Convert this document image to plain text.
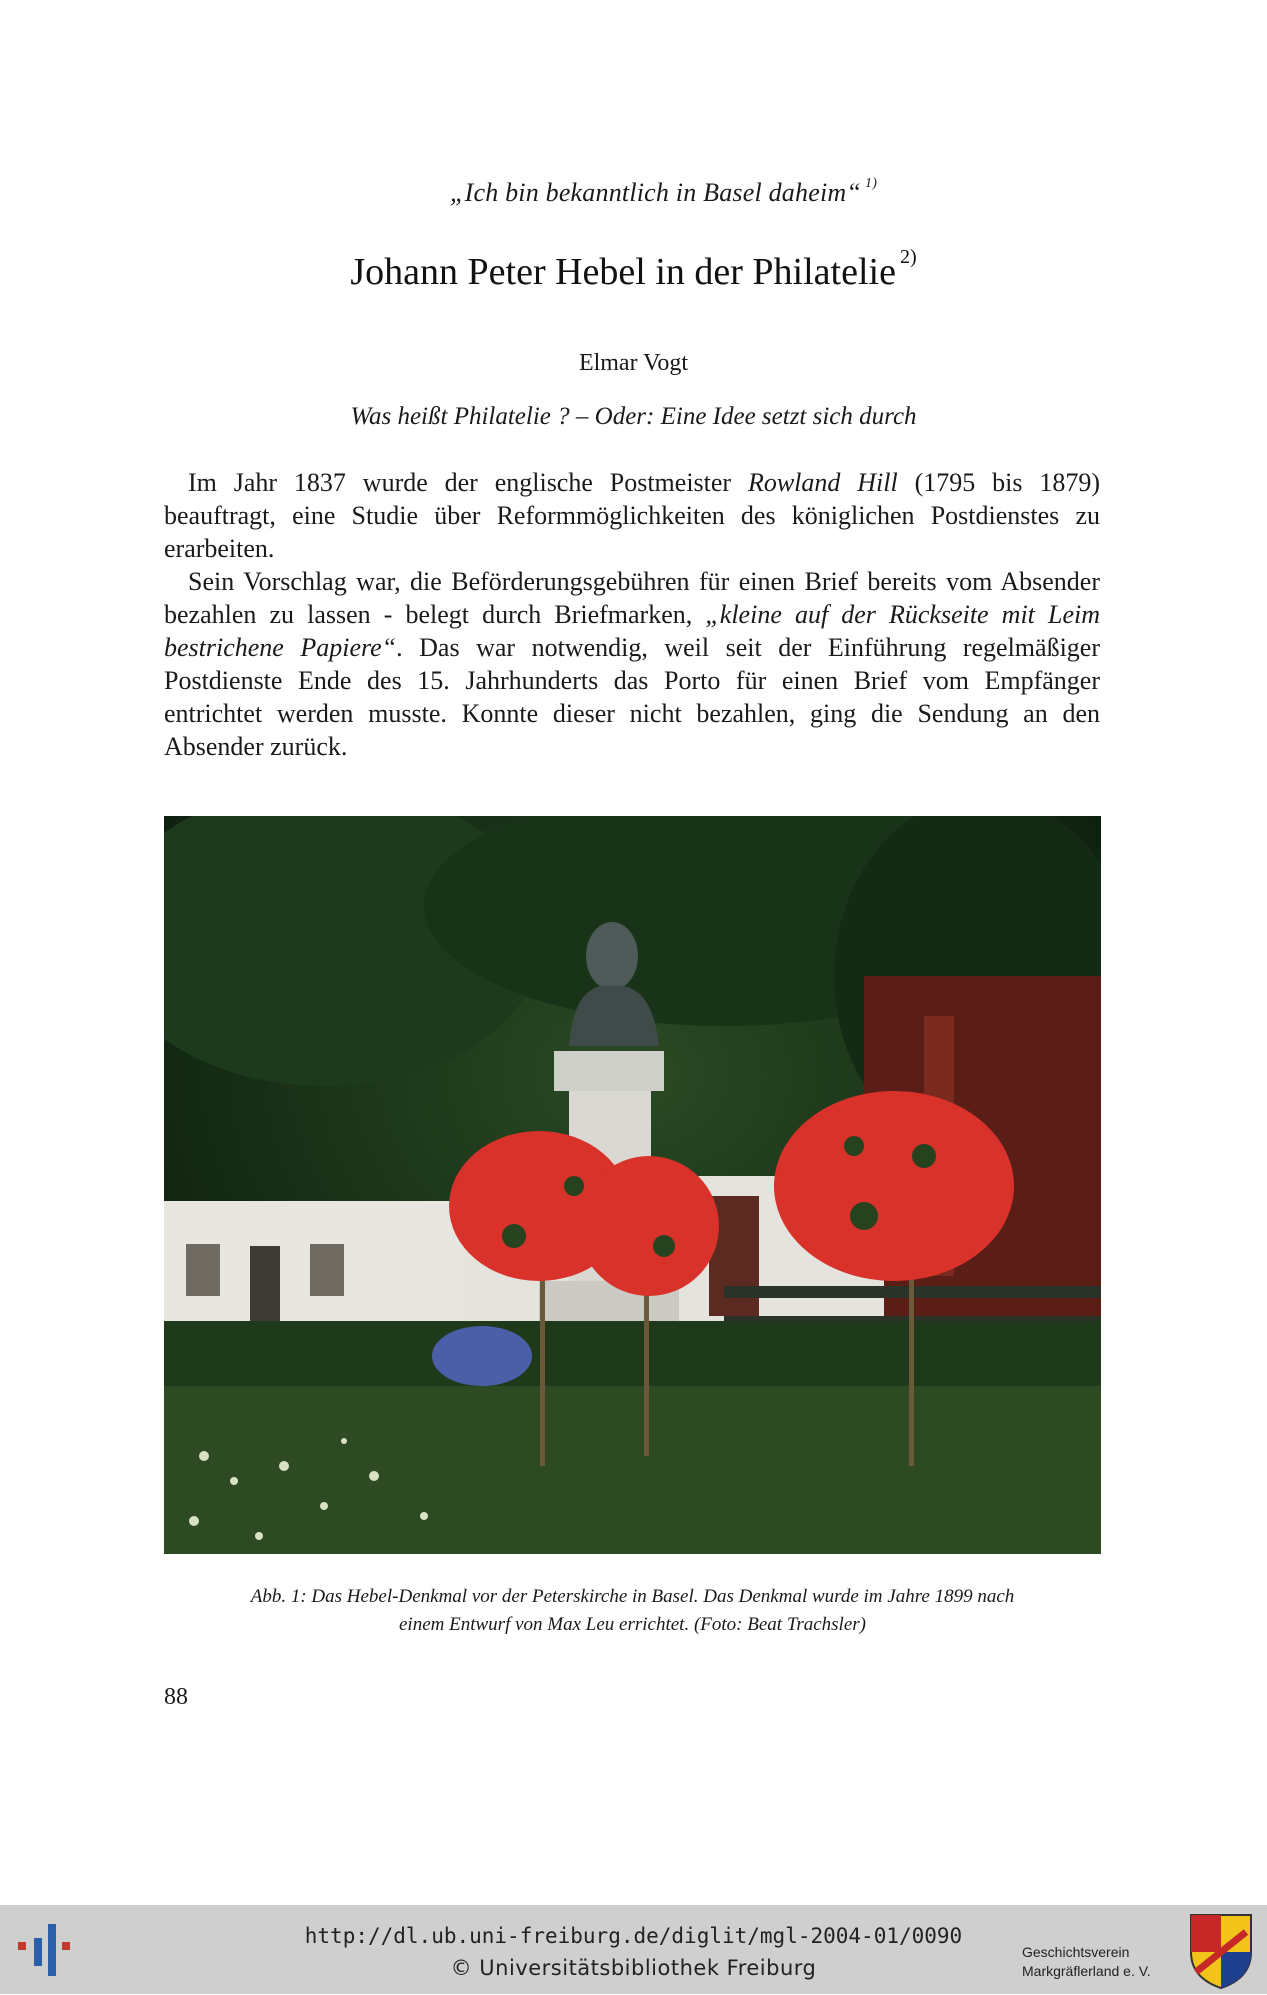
„Ich bin bekanntlich in Basel daheim“ $^{1)}$
Johann Peter Hebel in der Philatelie $^{2)}$
Elmar Vogt
Was heißt Philatelie ? – Oder: Eine Idee setzt sich durch

Im Jahr 1837 wurde der englische Postmeister Rowland Hill (1795 bis 1879) beauftragt, eine Studie über Reformmöglichkeiten des königlichen Postdienstes zu erarbeiten.

Sein Vorschlag war, die Beförderungsgebühren für einen Brief bereits vom Absender bezahlen zu lassen - belegt durch Briefmarken, „kleine auf der Rückseite mit Leim bestrichene Papiere“. Das war notwendig, weil seit der Einführung regelmäßiger Postdienste Ende des 15. Jahrhunderts das Porto für einen Brief vom Empfänger entrichtet werden musste. Konnte dieser nicht bezahlen, ging die Sendung an den Absender zurück.

Abb. 1: Das Hebel-Denkmal vor der Peterskirche in Basel. Das Denkmal wurde im Jahre 1899 nach
einem Entwurf von Max Leu errichtet. (Foto: Beat Trachsler)
88
http://dl.ub.uni-freiburg.de/diglit/mgl-2004-01/0090
© Universitätsbibliothek Freiburg
Geschichtsverein
Markgräflerland e. V.
